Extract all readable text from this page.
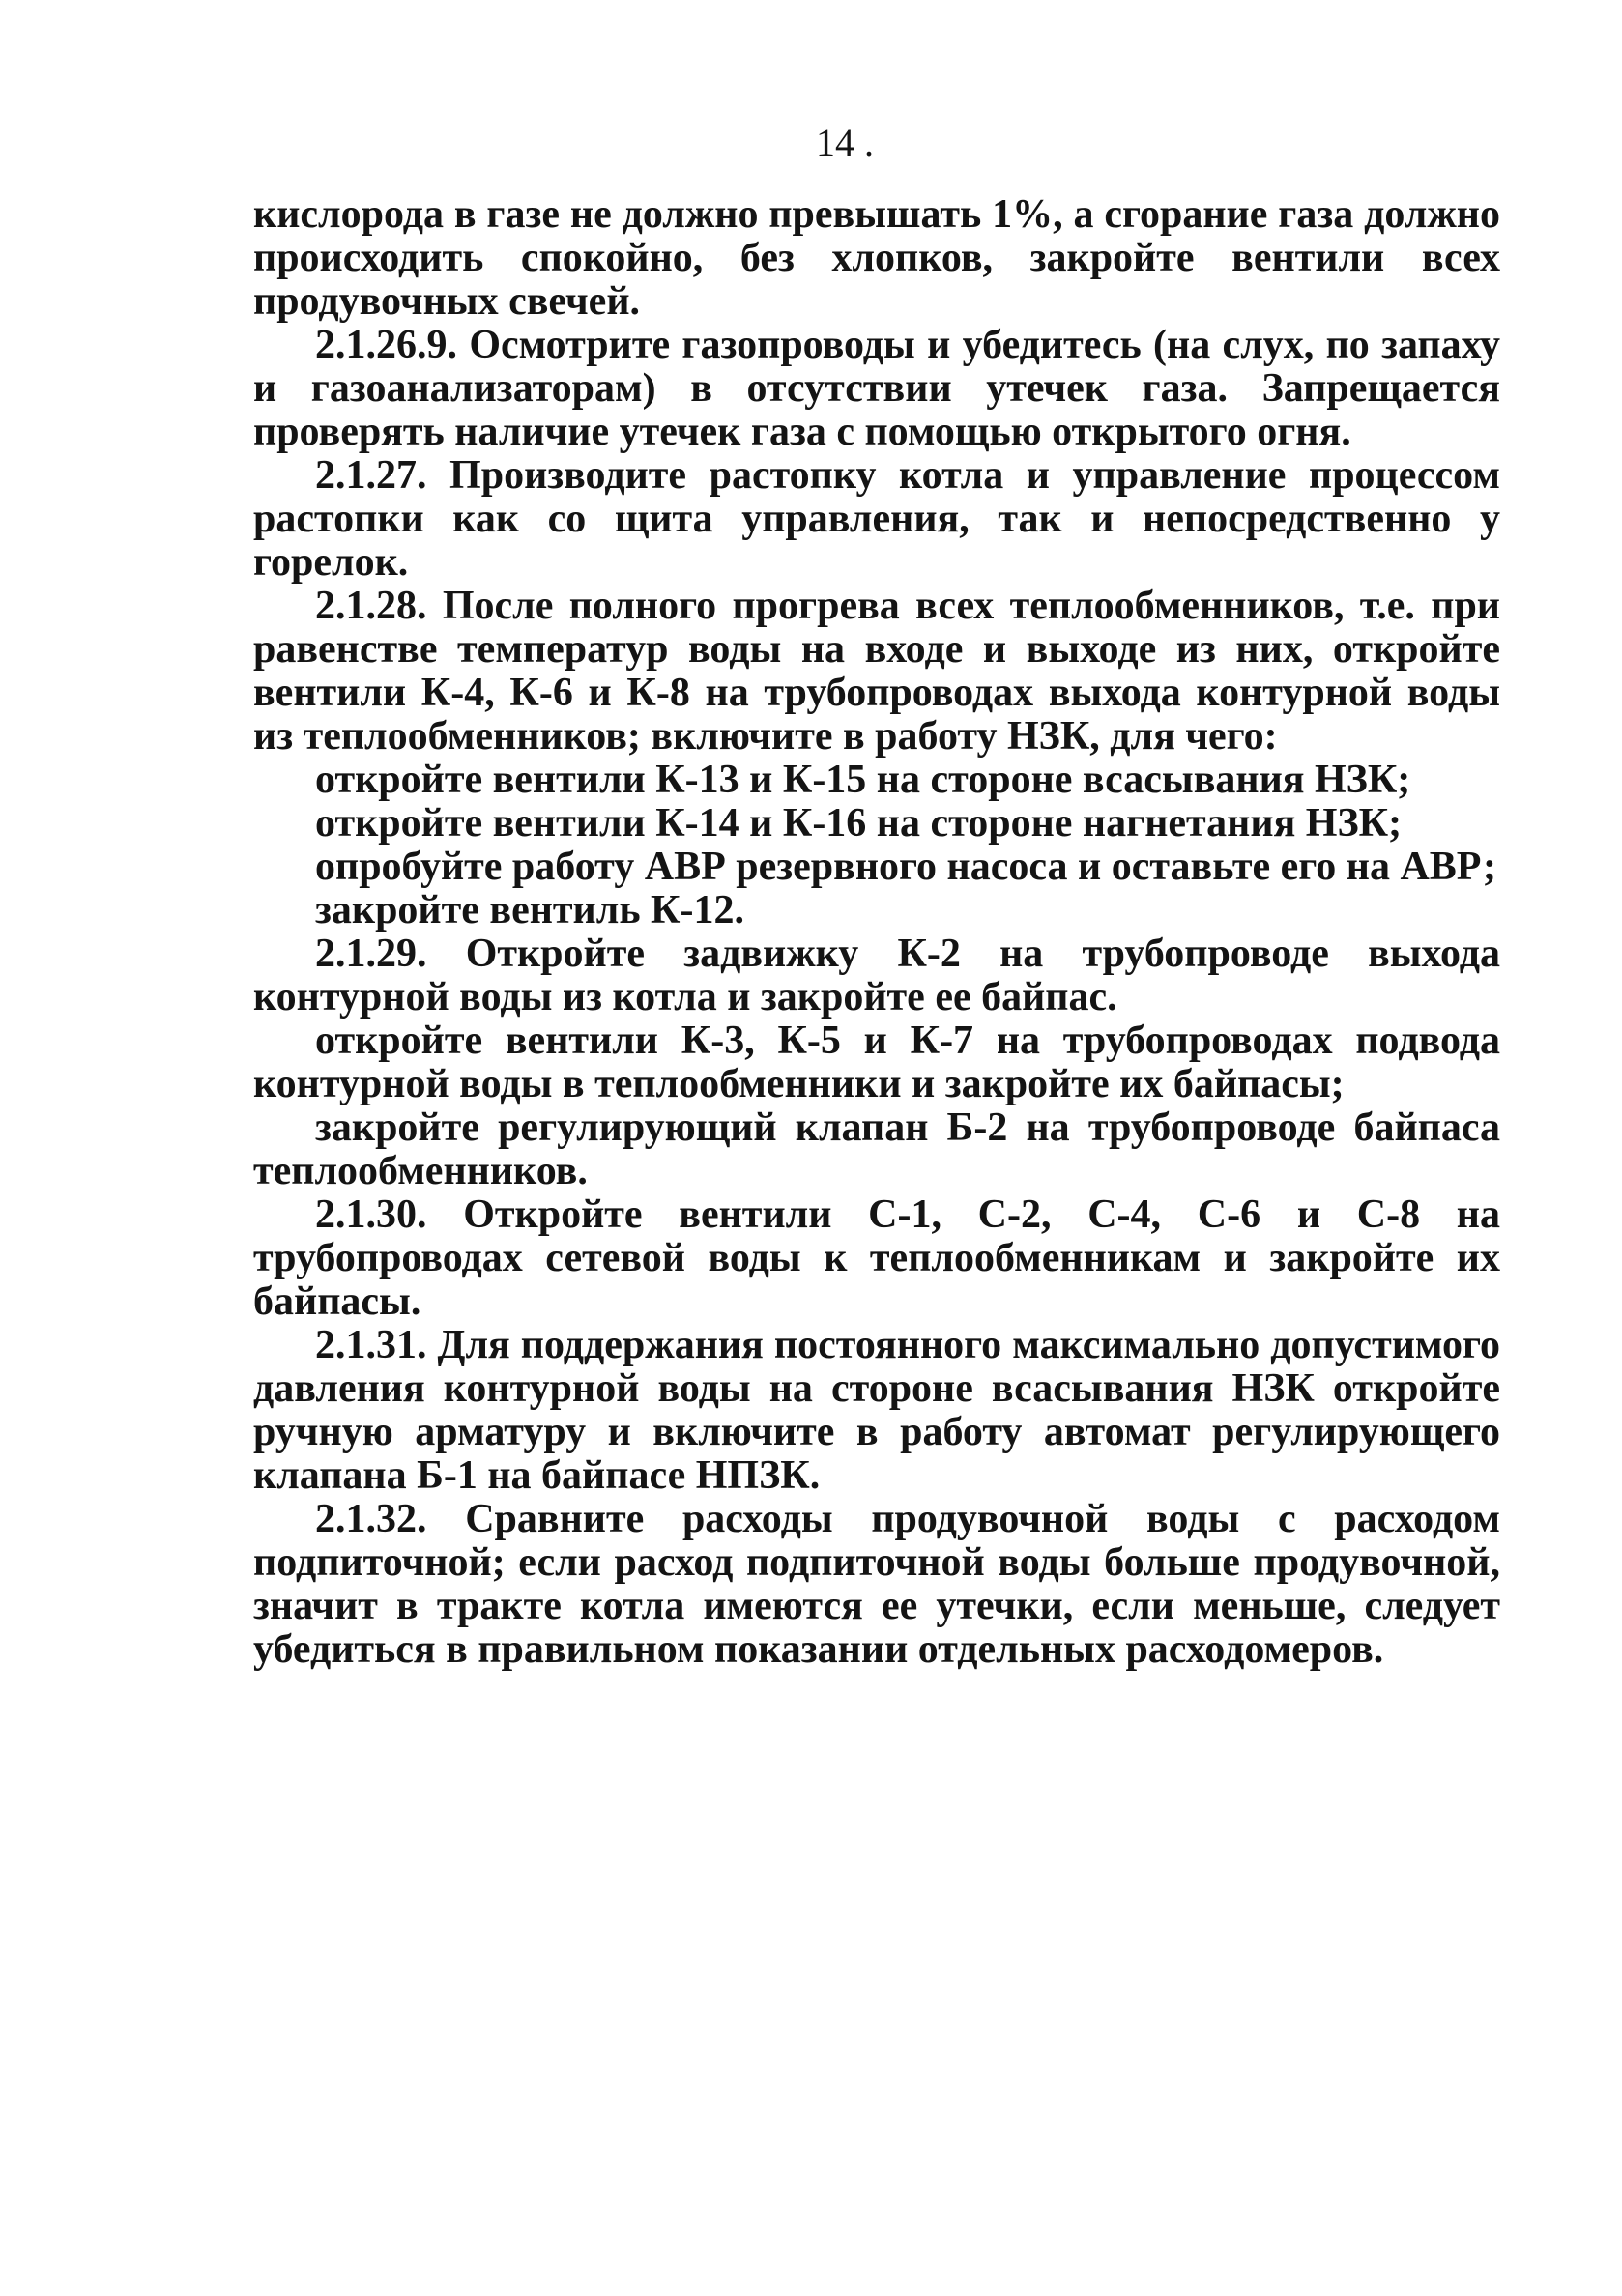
14 .

кислорода в газе не должно превышать 1%, а сгорание газа должно происходить спокойно, без хлопков, закройте вентили всех продувочных свечей.

2.1.26.9. Осмотрите газопроводы и убедитесь (на слух, по запаху и газоанализаторам) в отсутствии утечек газа. Запрещается проверять наличие утечек газа с помощью открытого огня.

2.1.27. Производите растопку котла и управление процессом растопки как со щита управления, так и непосредственно у горелок.

2.1.28. После полного прогрева всех теплообменников, т.е. при равенстве температур воды на входе и выходе из них, откройте вентили К-4, К-6 и К-8 на трубопроводах выхода контурной воды из теплообменников; включите в работу НЗК, для чего:

откройте вентили К-13 и К-15 на стороне всасывания НЗК;

откройте вентили К-14 и К-16 на стороне нагнетания НЗК;

опробуйте работу АВР резервного насоса и оставьте его на АВР;

закройте вентиль К-12.

2.1.29. Откройте задвижку К-2 на трубопроводе выхода контурной воды из котла и закройте ее байпас.

откройте вентили К-3, К-5 и К-7 на трубопроводах подвода контурной воды в теплообменники и закройте их байпасы;

закройте регулирующий клапан Б-2 на трубопроводе байпаса теплообменников.

2.1.30. Откройте вентили С-1, С-2, С-4, С-6 и С-8 на трубопроводах сетевой воды к теплообменникам и закройте их байпасы.

2.1.31. Для поддержания постоянного максимально допустимого давления контурной воды на стороне всасывания НЗК откройте ручную арматуру и включите в работу автомат регулирующего клапана Б-1 на байпасе НПЗК.

2.1.32. Сравните расходы продувочной воды с расходом подпиточной; если расход подпиточной воды больше продувочной, значит в тракте котла имеются ее утечки, если меньше, следует убедиться в правильном показании отдельных расходомеров.
